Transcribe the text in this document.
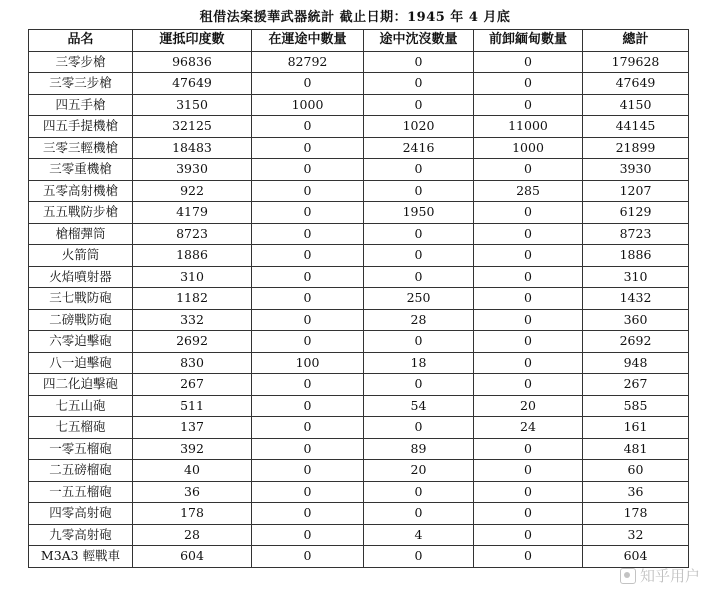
租借法案援華武器統計 截止日期：1945 年 4 月底
品名	運抵印度數	在運途中數量	途中沈沒數量	前卸緬甸數量	總計
三零步槍	96836	82792	0	0	179628
三零三步槍	47649	0	0	0	47649
四五手槍	3150	1000	0	0	4150
四五手提機槍	32125	0	1020	11000	44145
三零三輕機槍	18483	0	2416	1000	21899
三零重機槍	3930	0	0	0	3930
五零高射機槍	922	0	0	285	1207
五五戰防步槍	4179	0	1950	0	6129
槍榴彈筒	8723	0	0	0	8723
火箭筒	1886	0	0	0	1886
火焰噴射器	310	0	0	0	310
三七戰防砲	1182	0	250	0	1432
二磅戰防砲	332	0	28	0	360
六零迫擊砲	2692	0	0	0	2692
八一迫擊砲	830	100	18	0	948
四二化迫擊砲	267	0	0	0	267
七五山砲	511	0	54	20	585
七五榴砲	137	0	0	24	161
一零五榴砲	392	0	89	0	481
二五磅榴砲	40	0	20	0	60
一五五榴砲	36	0	0	0	36
四零高射砲	178	0	0	0	178
九零高射砲	28	0	4	0	32
M3A3 輕戰車	604	0	0	0	604
知乎用户
